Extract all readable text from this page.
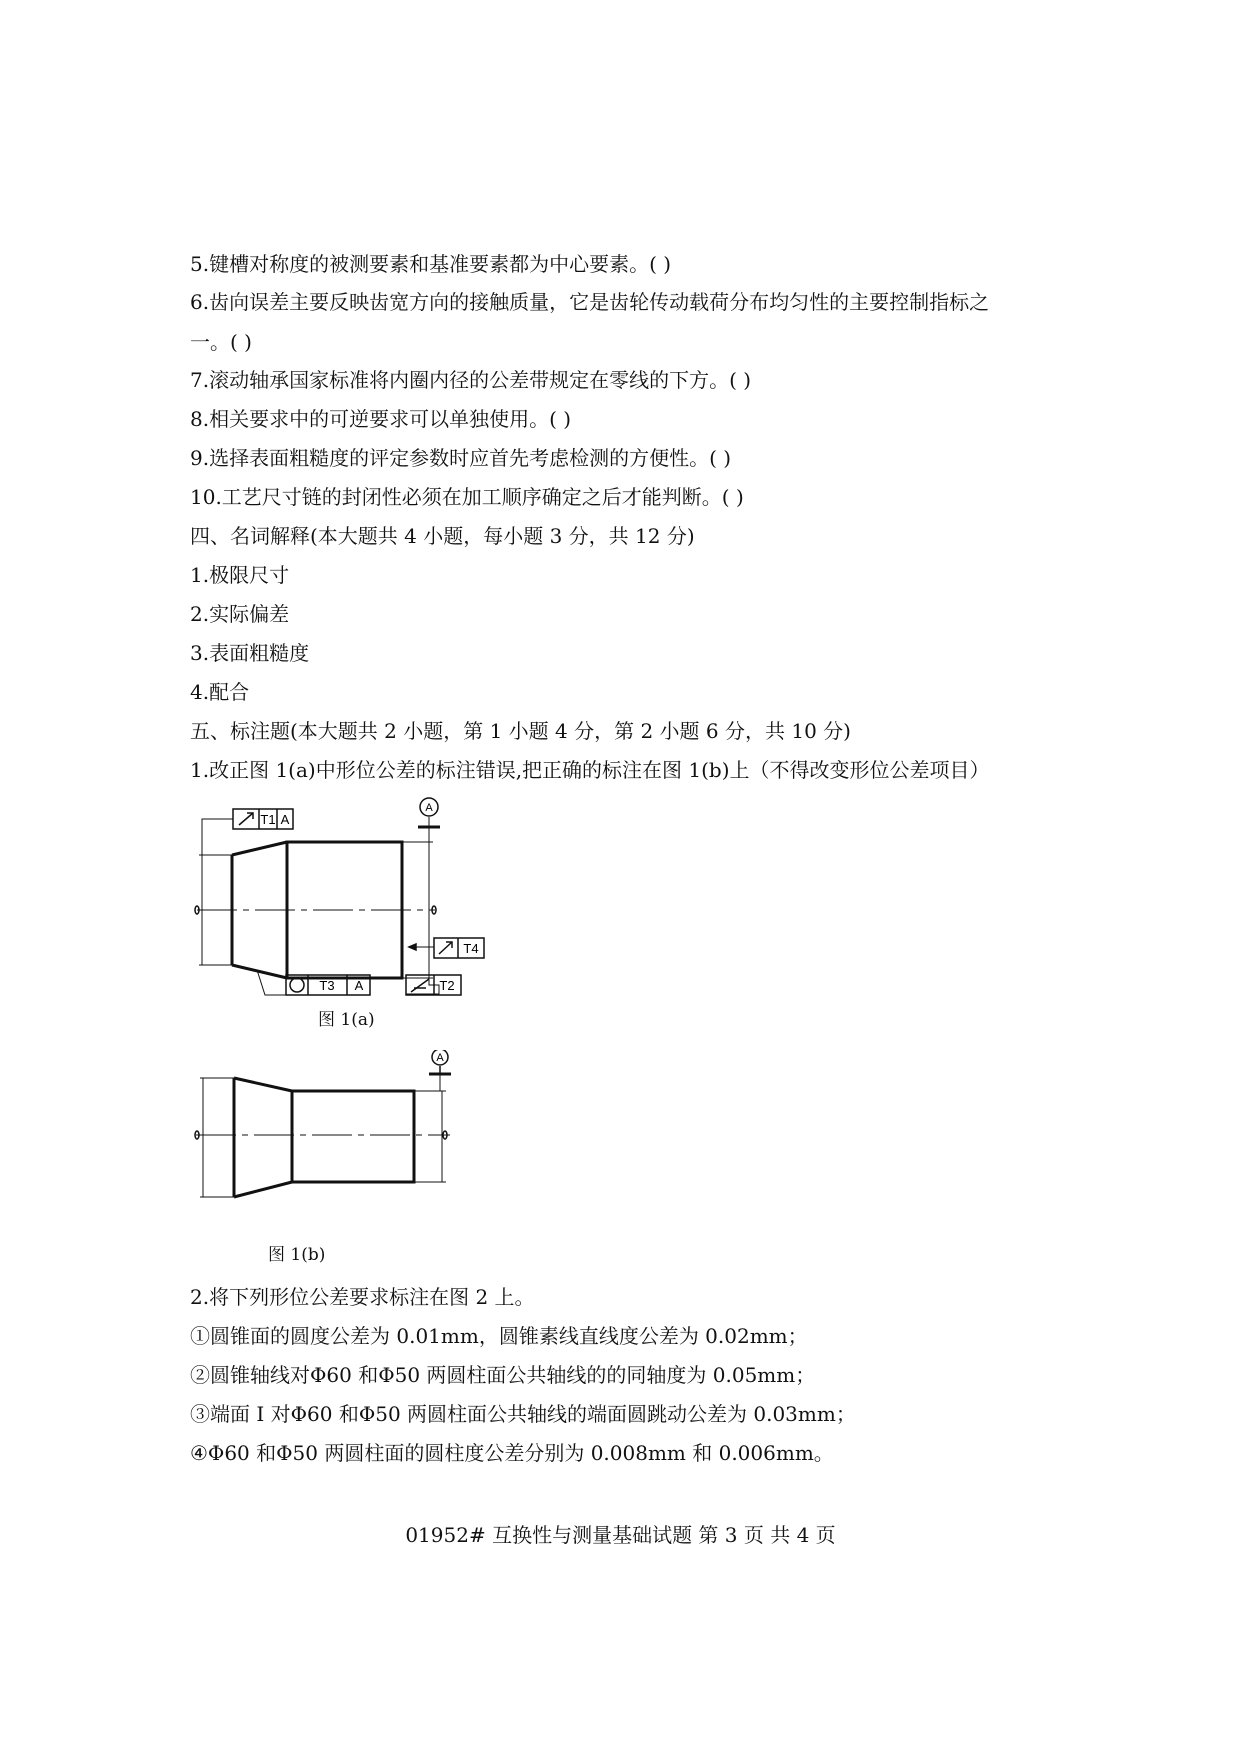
5.键槽对称度的被测要素和基准要素都为中心要素。( )
6.齿向误差主要反映齿宽方向的接触质量，它是齿轮传动载荷分布均匀性的主要控制指标之
一。( )
7.滚动轴承国家标准将内圈内径的公差带规定在零线的下方。( )
8.相关要求中的可逆要求可以单独使用。( )
9.选择表面粗糙度的评定参数时应首先考虑检测的方便性。( )
10.工艺尺寸链的封闭性必须在加工顺序确定之后才能判断。( )
四、名词解释(本大题共 4 小题，每小题 3 分，共 12 分)
1.极限尺寸
2.实际偏差
3.表面粗糙度
4.配合
五、标注题(本大题共 2 小题，第 1 小题 4 分，第 2 小题 6 分，共 10 分)
1.改正图 1(a)中形位公差的标注错误,把正确的标注在图 1(b)上（不得改变形位公差项目）
A
T1 A
T4
T2
T3 A
图 1(a)
A
图 1(b)
2.将下列形位公差要求标注在图 2 上。
①圆锥面的圆度公差为 0.01mm，圆锥素线直线度公差为 0.02mm；
②圆锥轴线对Φ60 和Φ50 两圆柱面公共轴线的的同轴度为 0.05mm；
③端面 I 对Φ60 和Φ50 两圆柱面公共轴线的端面圆跳动公差为 0.03mm；
④Φ60 和Φ50 两圆柱面的圆柱度公差分别为 0.008mm 和 0.006mm。
01952# 互换性与测量基础试题 第 3 页 共 4 页
